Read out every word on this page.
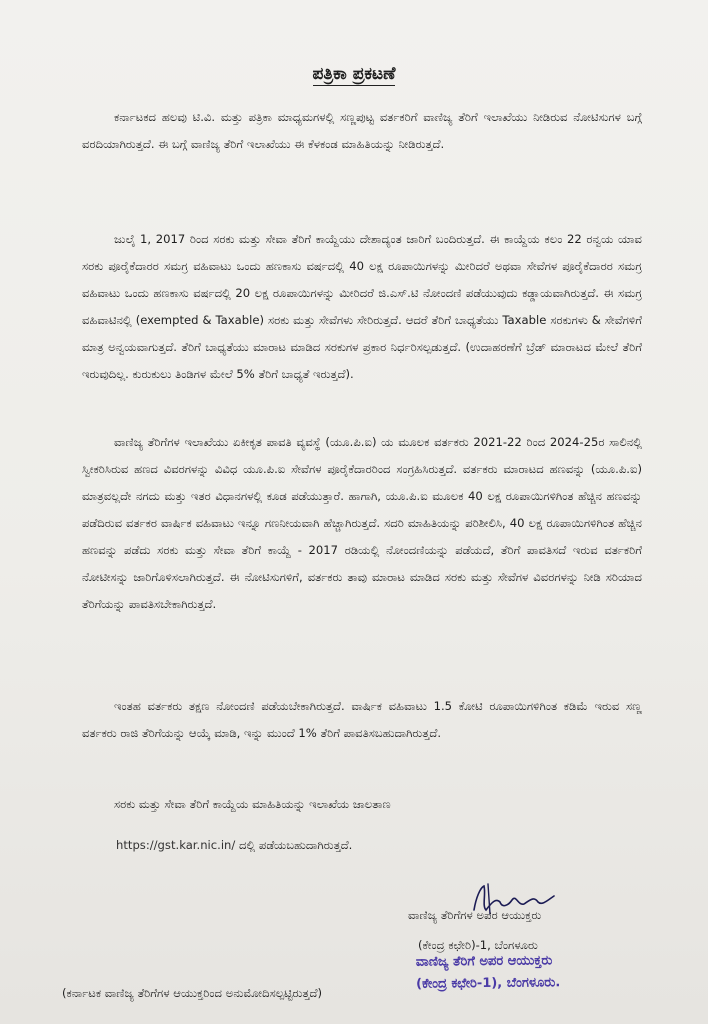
ಪತ್ರಿಕಾ ಪ್ರಕಟಣೆ

ಕರ್ನಾಟಕದ ಹಲವು ಟಿ.ವಿ. ಮತ್ತು ಪತ್ರಿಕಾ ಮಾಧ್ಯಮಗಳಲ್ಲಿ ಸಣ್ಣಪುಟ್ಟ ವರ್ತಕರಿಗೆ ವಾಣಿಜ್ಯ ತೆರಿಗೆ ಇಲಾಖೆಯು ನೀಡಿರುವ ನೋಟಿಸುಗಳ ಬಗ್ಗೆ ವರದಿಯಾಗಿರುತ್ತದೆ. ಈ ಬಗ್ಗೆ ವಾಣಿಜ್ಯ ತೆರಿಗೆ ಇಲಾಖೆಯು ಈ ಕೆಳಕಂಡ ಮಾಹಿತಿಯನ್ನು ನೀಡಿರುತ್ತದೆ.

ಜುಲೈ 1, 2017 ರಿಂದ ಸರಕು ಮತ್ತು ಸೇವಾ ತೆರಿಗೆ ಕಾಯ್ದೆಯು ದೇಶಾದ್ಯಂತ ಜಾರಿಗೆ ಬಂದಿರುತ್ತದೆ. ಈ ಕಾಯ್ದೆಯ ಕಲಂ 22 ರನ್ವಯ ಯಾವ ಸರಕು ಪೂರೈಕೆದಾರರ ಸಮಗ್ರ ವಹಿವಾಟು ಒಂದು ಹಣಕಾಸು ವರ್ಷದಲ್ಲಿ 40 ಲಕ್ಷ ರೂಪಾಯಿಗಳನ್ನು ಮೀರಿದರೆ ಅಥವಾ ಸೇವೆಗಳ ಪೂರೈಕೆದಾರರ ಸಮಗ್ರ ವಹಿವಾಟು ಒಂದು ಹಣಕಾಸು ವರ್ಷದಲ್ಲಿ 20 ಲಕ್ಷ ರೂಪಾಯಿಗಳನ್ನು ಮೀರಿದರೆ ಜಿ.ಎಸ್.ಟಿ ನೋಂದಣಿ ಪಡೆಯುವುದು ಕಡ್ಡಾಯವಾಗಿರುತ್ತದೆ. ಈ ಸಮಗ್ರ ವಹಿವಾಟಿನಲ್ಲಿ (exempted & Taxable) ಸರಕು ಮತ್ತು ಸೇವೆಗಳು ಸೇರಿರುತ್ತದೆ. ಆದರೆ ತೆರಿಗೆ ಬಾಧ್ಯತೆಯು Taxable ಸರಕುಗಳು & ಸೇವೆಗಳಿಗೆ ಮಾತ್ರ ಅನ್ವಯವಾಗುತ್ತದೆ. ತೆರಿಗೆ ಬಾಧ್ಯತೆಯು ಮಾರಾಟ ಮಾಡಿದ ಸರಕುಗಳ ಪ್ರಕಾರ ನಿರ್ಧರಿಸಲ್ಪಡುತ್ತದೆ. (ಉದಾಹರಣೆಗೆ ಬ್ರೆಡ್ ಮಾರಾಟದ ಮೇಲೆ ತೆರಿಗೆ ಇರುವುದಿಲ್ಲ. ಕುರುಕುಲು ತಿಂಡಿಗಳ ಮೇಲೆ 5% ತೆರಿಗೆ ಬಾಧ್ಯತೆ ಇರುತ್ತದೆ).

ವಾಣಿಜ್ಯ ತೆರಿಗೆಗಳ ಇಲಾಖೆಯು ಏಕೀಕೃತ ಪಾವತಿ ವ್ಯವಸ್ಥೆ (ಯೂ.ಪಿ.ಐ) ಯ ಮೂಲಕ ವರ್ತಕರು 2021-22 ರಿಂದ 2024-25ರ ಸಾಲಿನಲ್ಲಿ ಸ್ವೀಕರಿಸಿರುವ ಹಣದ ವಿವರಗಳನ್ನು ವಿವಿಧ ಯೂ.ಪಿ.ಐ ಸೇವೆಗಳ ಪೂರೈಕೆದಾರರಿಂದ ಸಂಗ್ರಹಿಸಿರುತ್ತದೆ. ವರ್ತಕರು ಮಾರಾಟದ ಹಣವನ್ನು (ಯೂ.ಪಿ.ಐ) ಮಾತ್ರವಲ್ಲದೇ ನಗದು ಮತ್ತು ಇತರ ವಿಧಾನಗಳಲ್ಲಿ ಕೂಡ ಪಡೆಯುತ್ತಾರೆ. ಹಾಗಾಗಿ, ಯೂ.ಪಿ.ಐ ಮೂಲಕ 40 ಲಕ್ಷ ರೂಪಾಯಿಗಳಿಗಿಂತ ಹೆಚ್ಚಿನ ಹಣವನ್ನು ಪಡೆದಿರುವ ವರ್ತಕರ ವಾರ್ಷಿಕ ವಹಿವಾಟು ಇನ್ನೂ ಗಣನೀಯವಾಗಿ ಹೆಚ್ಚಾಗಿರುತ್ತದೆ. ಸದರಿ ಮಾಹಿತಿಯನ್ನು ಪರಿಶೀಲಿಸಿ, 40 ಲಕ್ಷ ರೂಪಾಯಿಗಳಿಗಿಂತ ಹೆಚ್ಚಿನ ಹಣವನ್ನು ಪಡೆದು ಸರಕು ಮತ್ತು ಸೇವಾ ತೆರಿಗೆ ಕಾಯ್ದೆ - 2017 ರಡಿಯಲ್ಲಿ ನೋಂದಣಿಯನ್ನು ಪಡೆಯದೆ, ತೆರಿಗೆ ಪಾವತಿಸದೆ ಇರುವ ವರ್ತಕರಿಗೆ ನೋಟೀಸನ್ನು ಜಾರಿಗೊಳಿಸಲಾಗಿರುತ್ತದೆ. ಈ ನೋಟಿಸುಗಳಿಗೆ, ವರ್ತಕರು ತಾವು ಮಾರಾಟ ಮಾಡಿದ ಸರಕು ಮತ್ತು ಸೇವೆಗಳ ವಿವರಗಳನ್ನು ನೀಡಿ ಸರಿಯಾದ ತೆರಿಗೆಯನ್ನು ಪಾವತಿಸಬೇಕಾಗಿರುತ್ತದೆ.

ಇಂತಹ ವರ್ತಕರು ತಕ್ಷಣ ನೋಂದಣಿ ಪಡೆಯಬೇಕಾಗಿರುತ್ತದೆ. ವಾರ್ಷಿಕ ವಹಿವಾಟು 1.5 ಕೋಟಿ ರೂಪಾಯಿಗಳಿಗಿಂತ ಕಡಿಮೆ ಇರುವ ಸಣ್ಣ ವರ್ತಕರು ರಾಜಿ ತೆರಿಗೆಯನ್ನು ಆಯ್ಕೆ ಮಾಡಿ, ಇನ್ನು ಮುಂದೆ 1% ತೆರಿಗೆ ಪಾವತಿಸಬಹುದಾಗಿರುತ್ತದೆ.

ಸರಕು ಮತ್ತು ಸೇವಾ ತೆರಿಗೆ ಕಾಯ್ದೆಯ ಮಾಹಿತಿಯನ್ನು ಇಲಾಖೆಯ ಜಾಲತಾಣ

https://gst.kar.nic.in/ ದಲ್ಲಿ ಪಡೆಯಬಹುದಾಗಿರುತ್ತದೆ.
ವಾಣಿಜ್ಯ ತೆರಿಗೆಗಳ ಅಪರ ಆಯುಕ್ತರು
(ಕೇಂದ್ರ ಕಛೇರಿ)-1, ಬೆಂಗಳೂರು
ವಾಣಿಜ್ಯ ತೆರಿಗೆ ಅಪರ ಆಯುಕ್ತರು
(ಕೇಂದ್ರ ಕಛೇರಿ-1), ಬೆಂಗಳೂರು.
(ಕರ್ನಾಟಕ ವಾಣಿಜ್ಯ ತೆರಿಗೆಗಳ ಆಯುಕ್ತರಿಂದ ಅನುಮೋದಿಸಲ್ಪಟ್ಟಿರುತ್ತದೆ)
